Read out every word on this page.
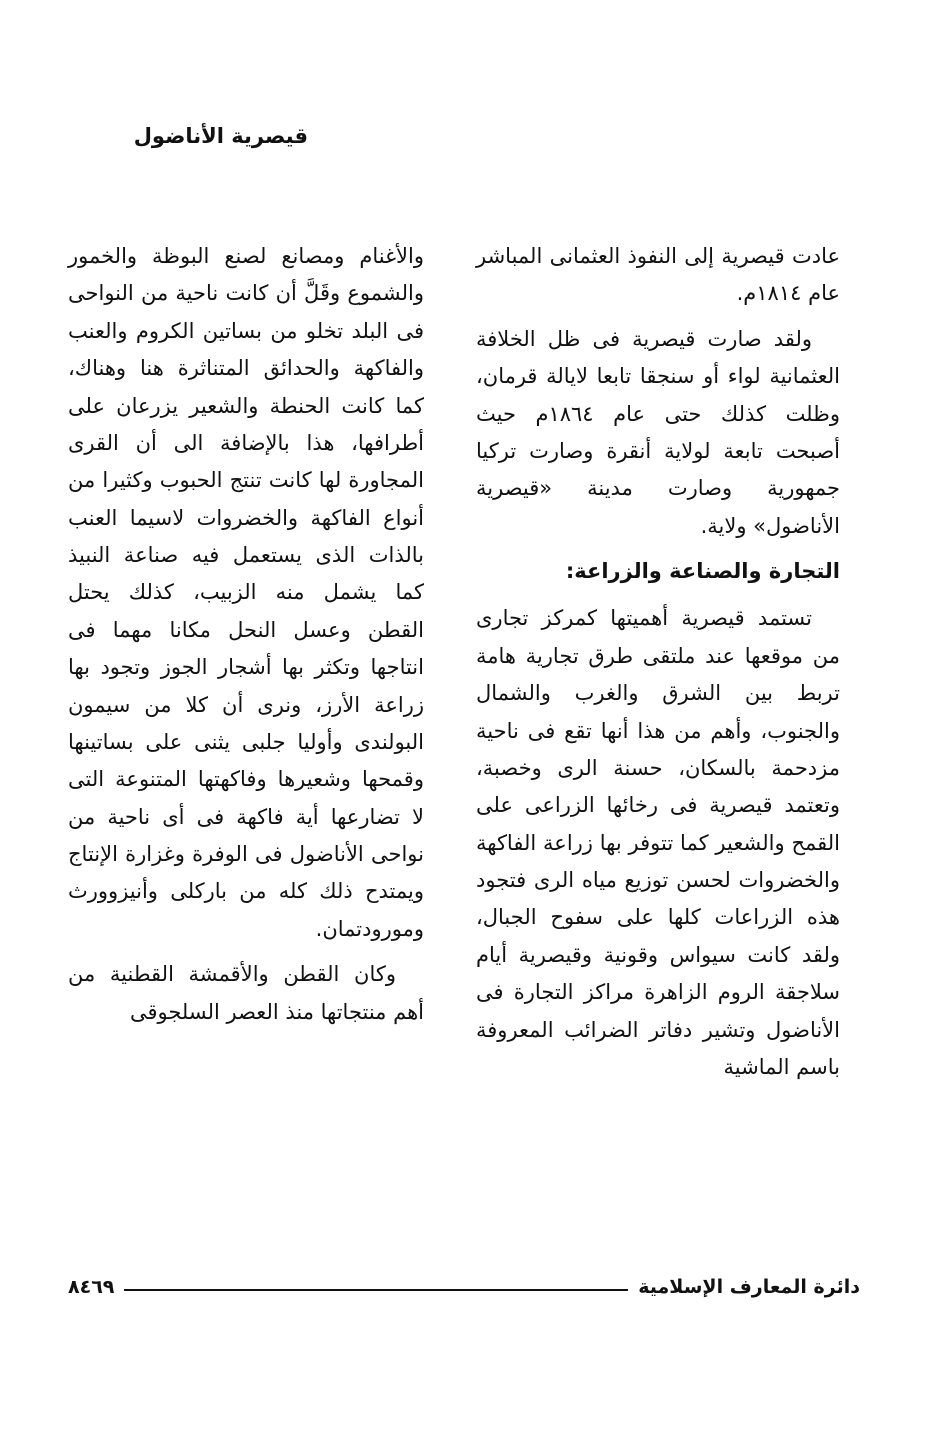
قيصرية الأناضول

عادت قيصرية إلى النفوذ العثمانى المباشر عام ١٨١٤م.

ولقد صارت قيصرية فى ظل الخلافة العثمانية لواء أو سنجقا تابعا لايالة قرمان، وظلت كذلك حتى عام ١٨٦٤م حيث أصبحت تابعة لولاية أنقرة وصارت تركيا جمهورية وصارت مدينة «قيصرية الأناضول» ولاية.

التجارة والصناعة والزراعة:

تستمد قيصرية أهميتها كمركز تجارى من موقعها عند ملتقى طرق تجارية هامة تربط بين الشرق والغرب والشمال والجنوب، وأهم من هذا أنها تقع فى ناحية مزدحمة بالسكان، حسنة الرى وخصبة، وتعتمد قيصرية فى رخائها الزراعى على القمح والشعير كما تتوفر بها زراعة الفاكهة والخضروات لحسن توزيع مياه الرى فتجود هذه الزراعات كلها على سفوح الجبال، ولقد كانت سيواس وقونية وقيصرية أيام سلاجقة الروم الزاهرة مراكز التجارة فى الأناضول وتشير دفاتر الضرائب المعروفة باسم الماشية

والأغنام ومصانع لصنع البوظة والخمور والشموع وقَلَّ أن كانت ناحية من النواحى فى البلد تخلو من بساتين الكروم والعنب والفاكهة والحدائق المتناثرة هنا وهناك، كما كانت الحنطة والشعير يزرعان على أطرافها، هذا بالإضافة الى أن القرى المجاورة لها كانت تنتج الحبوب وكثيرا من أنواع الفاكهة والخضروات لاسيما العنب بالذات الذى يستعمل فيه صناعة النبيذ كما يشمل منه الزبيب، كذلك يحتل القطن وعسل النحل مكانا مهما فى انتاجها وتكثر بها أشجار الجوز وتجود بها زراعة الأرز، ونرى أن كلا من سيمون البولندى وأوليا جلبى يثنى على بساتينها وقمحها وشعيرها وفاكهتها المتنوعة التى لا تضارعها أية فاكهة فى أى ناحية من نواحى الأناضول فى الوفرة وغزارة الإنتاج ويمتدح ذلك كله من باركلى وأنيزوورث ومورودتمان.

وكان القطن والأقمشة القطنية من أهم منتجاتها منذ العصر السلجوقى

دائرة المعارف الإسلامية
٨٤٦٩
